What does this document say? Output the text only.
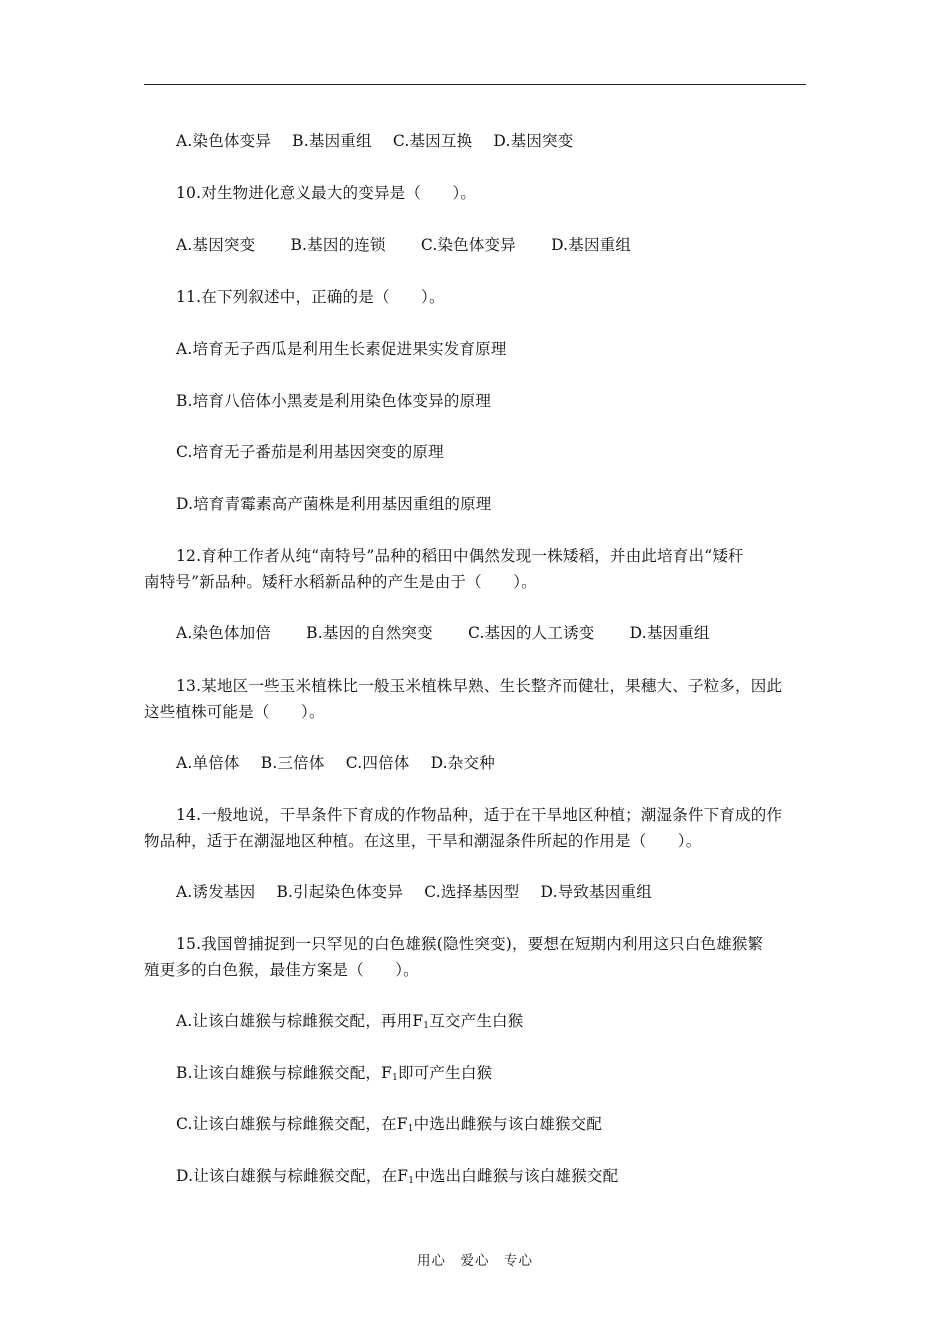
A.染色体变异 B.基因重组 C.基因互换 D.基因突变
10.对生物进化意义最大的变异是（　　）。
A.基因突变 B.基因的连锁 C.染色体变异 D.基因重组
11.在下列叙述中，正确的是（　　）。
A.培育无子西瓜是利用生长素促进果实发育原理
B.培育八倍体小黑麦是利用染色体变异的原理
C.培育无子番茄是利用基因突变的原理
D.培育青霉素高产菌株是利用基因重组的原理
12.育种工作者从纯“南特号”品种的稻田中偶然发现一株矮稻，并由此培育出“矮秆
南特号”新品种。矮秆水稻新品种的产生是由于（　　）。
A.染色体加倍 B.基因的自然突变 C.基因的人工诱变 D.基因重组
13.某地区一些玉米植株比一般玉米植株早熟、生长整齐而健壮，果穗大、子粒多，因此
这些植株可能是（　　）。
A.单倍体 B.三倍体 C.四倍体 D.杂交种
14.一般地说，干旱条件下育成的作物品种，适于在干旱地区种植；潮湿条件下育成的作
物品种，适于在潮湿地区种植。在这里，干旱和潮湿条件所起的作用是（　　）。
A.诱发基因 B.引起染色体变异 C.选择基因型 D.导致基因重组
15.我国曾捕捉到一只罕见的白色雄猴(隐性突变)，要想在短期内利用这只白色雄猴繁
殖更多的白色猴，最佳方案是（　　）。
A.让该白雄猴与棕雌猴交配，再用$F_1$互交产生白猴
B.让该白雄猴与棕雌猴交配，$F_1$即可产生白猴
C.让该白雄猴与棕雌猴交配，在$F_1$中选出雌猴与该白雄猴交配
D.让该白雄猴与棕雌猴交配，在$F_1$中选出白雌猴与该白雄猴交配
用心　爱心　专心
